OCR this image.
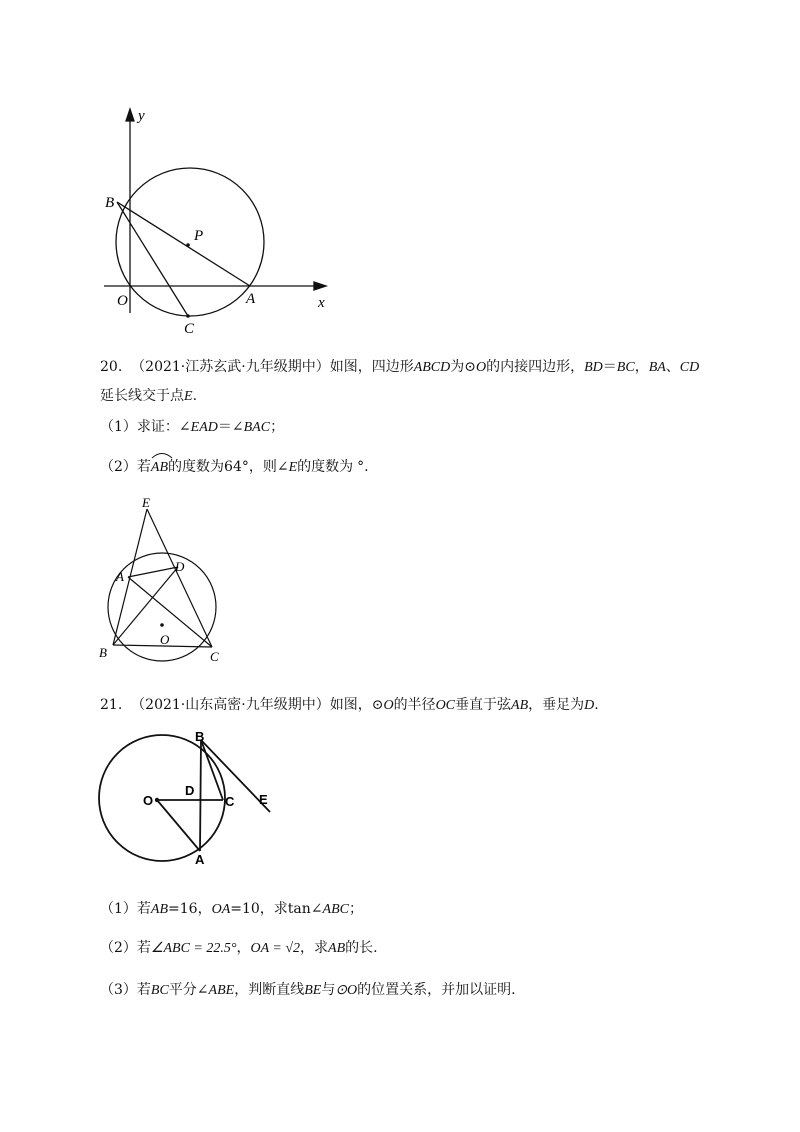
y
B
P
O	A
C
x
20. （2021·江苏玄武·九年级期中）如图，四边形ABCD为⊙O的内接四边形，BD＝BC，BA、CD
延长线交于点E.
（1）求证：∠EAD＝∠BAC；
（2）若
AB的度数为64°，则∠E的度数为 °.
E
A
D
O
B	C
21. （2021·山东高密·九年级期中）如图，⊙O的半径OC垂直于弦AB，垂足为D.
B
O
D
C E
A
（1）若AB=16，OA=10，求tan∠ABC；
（2）若∠ABC = 22.5°，OA = √2，求AB的长.
（3）若BC平分∠ABE，判断直线BE与⊙O的位置关系，并加以证明.
